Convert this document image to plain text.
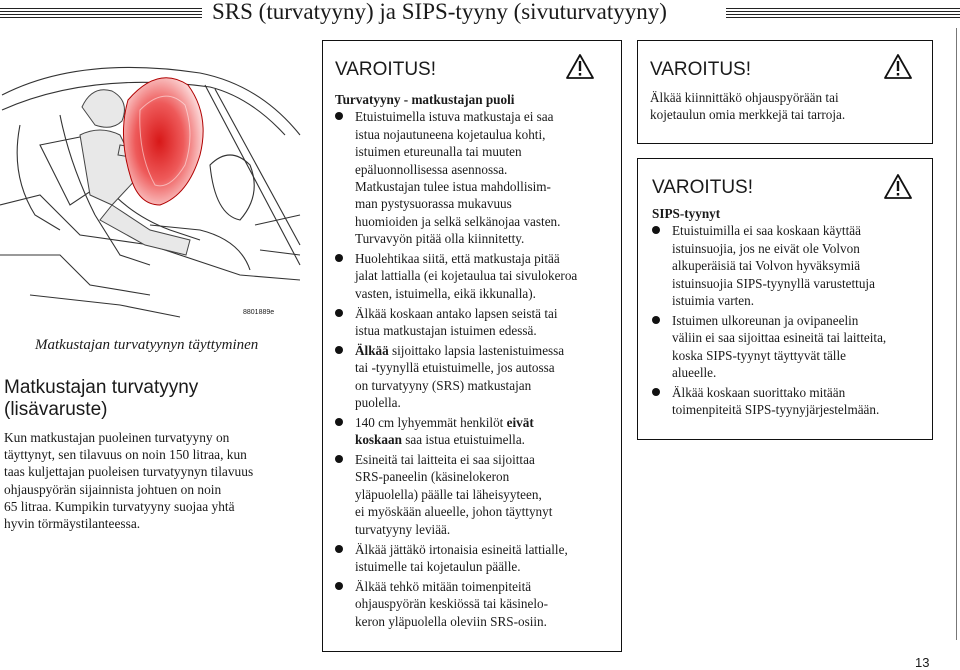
SRS (turvatyyny) ja SIPS-tyyny (sivuturvatyyny)
8801889e
Matkustajan turvatyynyn täyttyminen
Matkustajan turvatyyny
(lisävaruste)
Kun matkustajan puoleinen turvatyyny on
täyttynyt, sen tilavuus on noin 150 litraa, kun
taas kuljettajan puoleisen turvatyynyn tilavuus
ohjauspyörän sijainnista johtuen on noin
65 litraa. Kumpikin turvatyyny suojaa yhtä
hyvin törmäystilanteessa.
VAROITUS!
Turvatyyny - matkustajan puoli
Etuistuimella istuva matkustaja ei saa
istua nojautuneena kojetaulua kohti,
istuimen etureunalla tai muuten
epäluonnollisessa asennossa.
Matkustajan tulee istua mahdollisim-
man pystysuorassa mukavuus
huomioiden ja selkä selkänojaa vasten.
Turvavyön pitää olla kiinnitetty.
Huolehtikaa siitä, että matkustaja pitää
jalat lattialla (ei kojetaulua tai sivulokeroa
vasten, istuimella, eikä ikkunalla).
Älkää koskaan antako lapsen seistä tai
istua matkustajan istuimen edessä.
Älkää sijoittako lapsia lastenistuimessa
tai -tyynyllä etuistuimelle, jos autossa
on turvatyyny (SRS) matkustajan
puolella.
140 cm lyhyemmät henkilöt eivät
koskaan saa istua etuistuimella.
Esineitä tai laitteita ei saa sijoittaa
SRS-paneelin (käsinelokeron
yläpuolella) päälle tai läheisyyteen,
ei myöskään alueelle, johon täyttynyt
turvatyyny leviää.
Älkää jättäkö irtonaisia esineitä lattialle,
istuimelle tai kojetaulun päälle.
Älkää tehkö mitään toimenpiteitä
ohjauspyörän keskiössä tai käsinelo-
keron yläpuolella oleviin SRS-osiin.
VAROITUS!
Älkää kiinnittäkö ohjauspyörään tai
kojetaulun omia merkkejä tai tarroja.
VAROITUS!
SIPS-tyynyt
Etuistuimilla ei saa koskaan käyttää
istuinsuojia, jos ne eivät ole Volvon
alkuperäisiä tai Volvon hyväksymiä
istuinsuojia SIPS-tyynyllä varustettuja
istuimia varten.
Istuimen ulkoreunan ja ovipaneelin
väliin ei saa sijoittaa esineitä tai laitteita,
koska SIPS-tyynyt täyttyvät tälle
alueelle.
Älkää koskaan suorittako mitään
toimenpiteitä SIPS-tyynyjärjestelmään.
13
